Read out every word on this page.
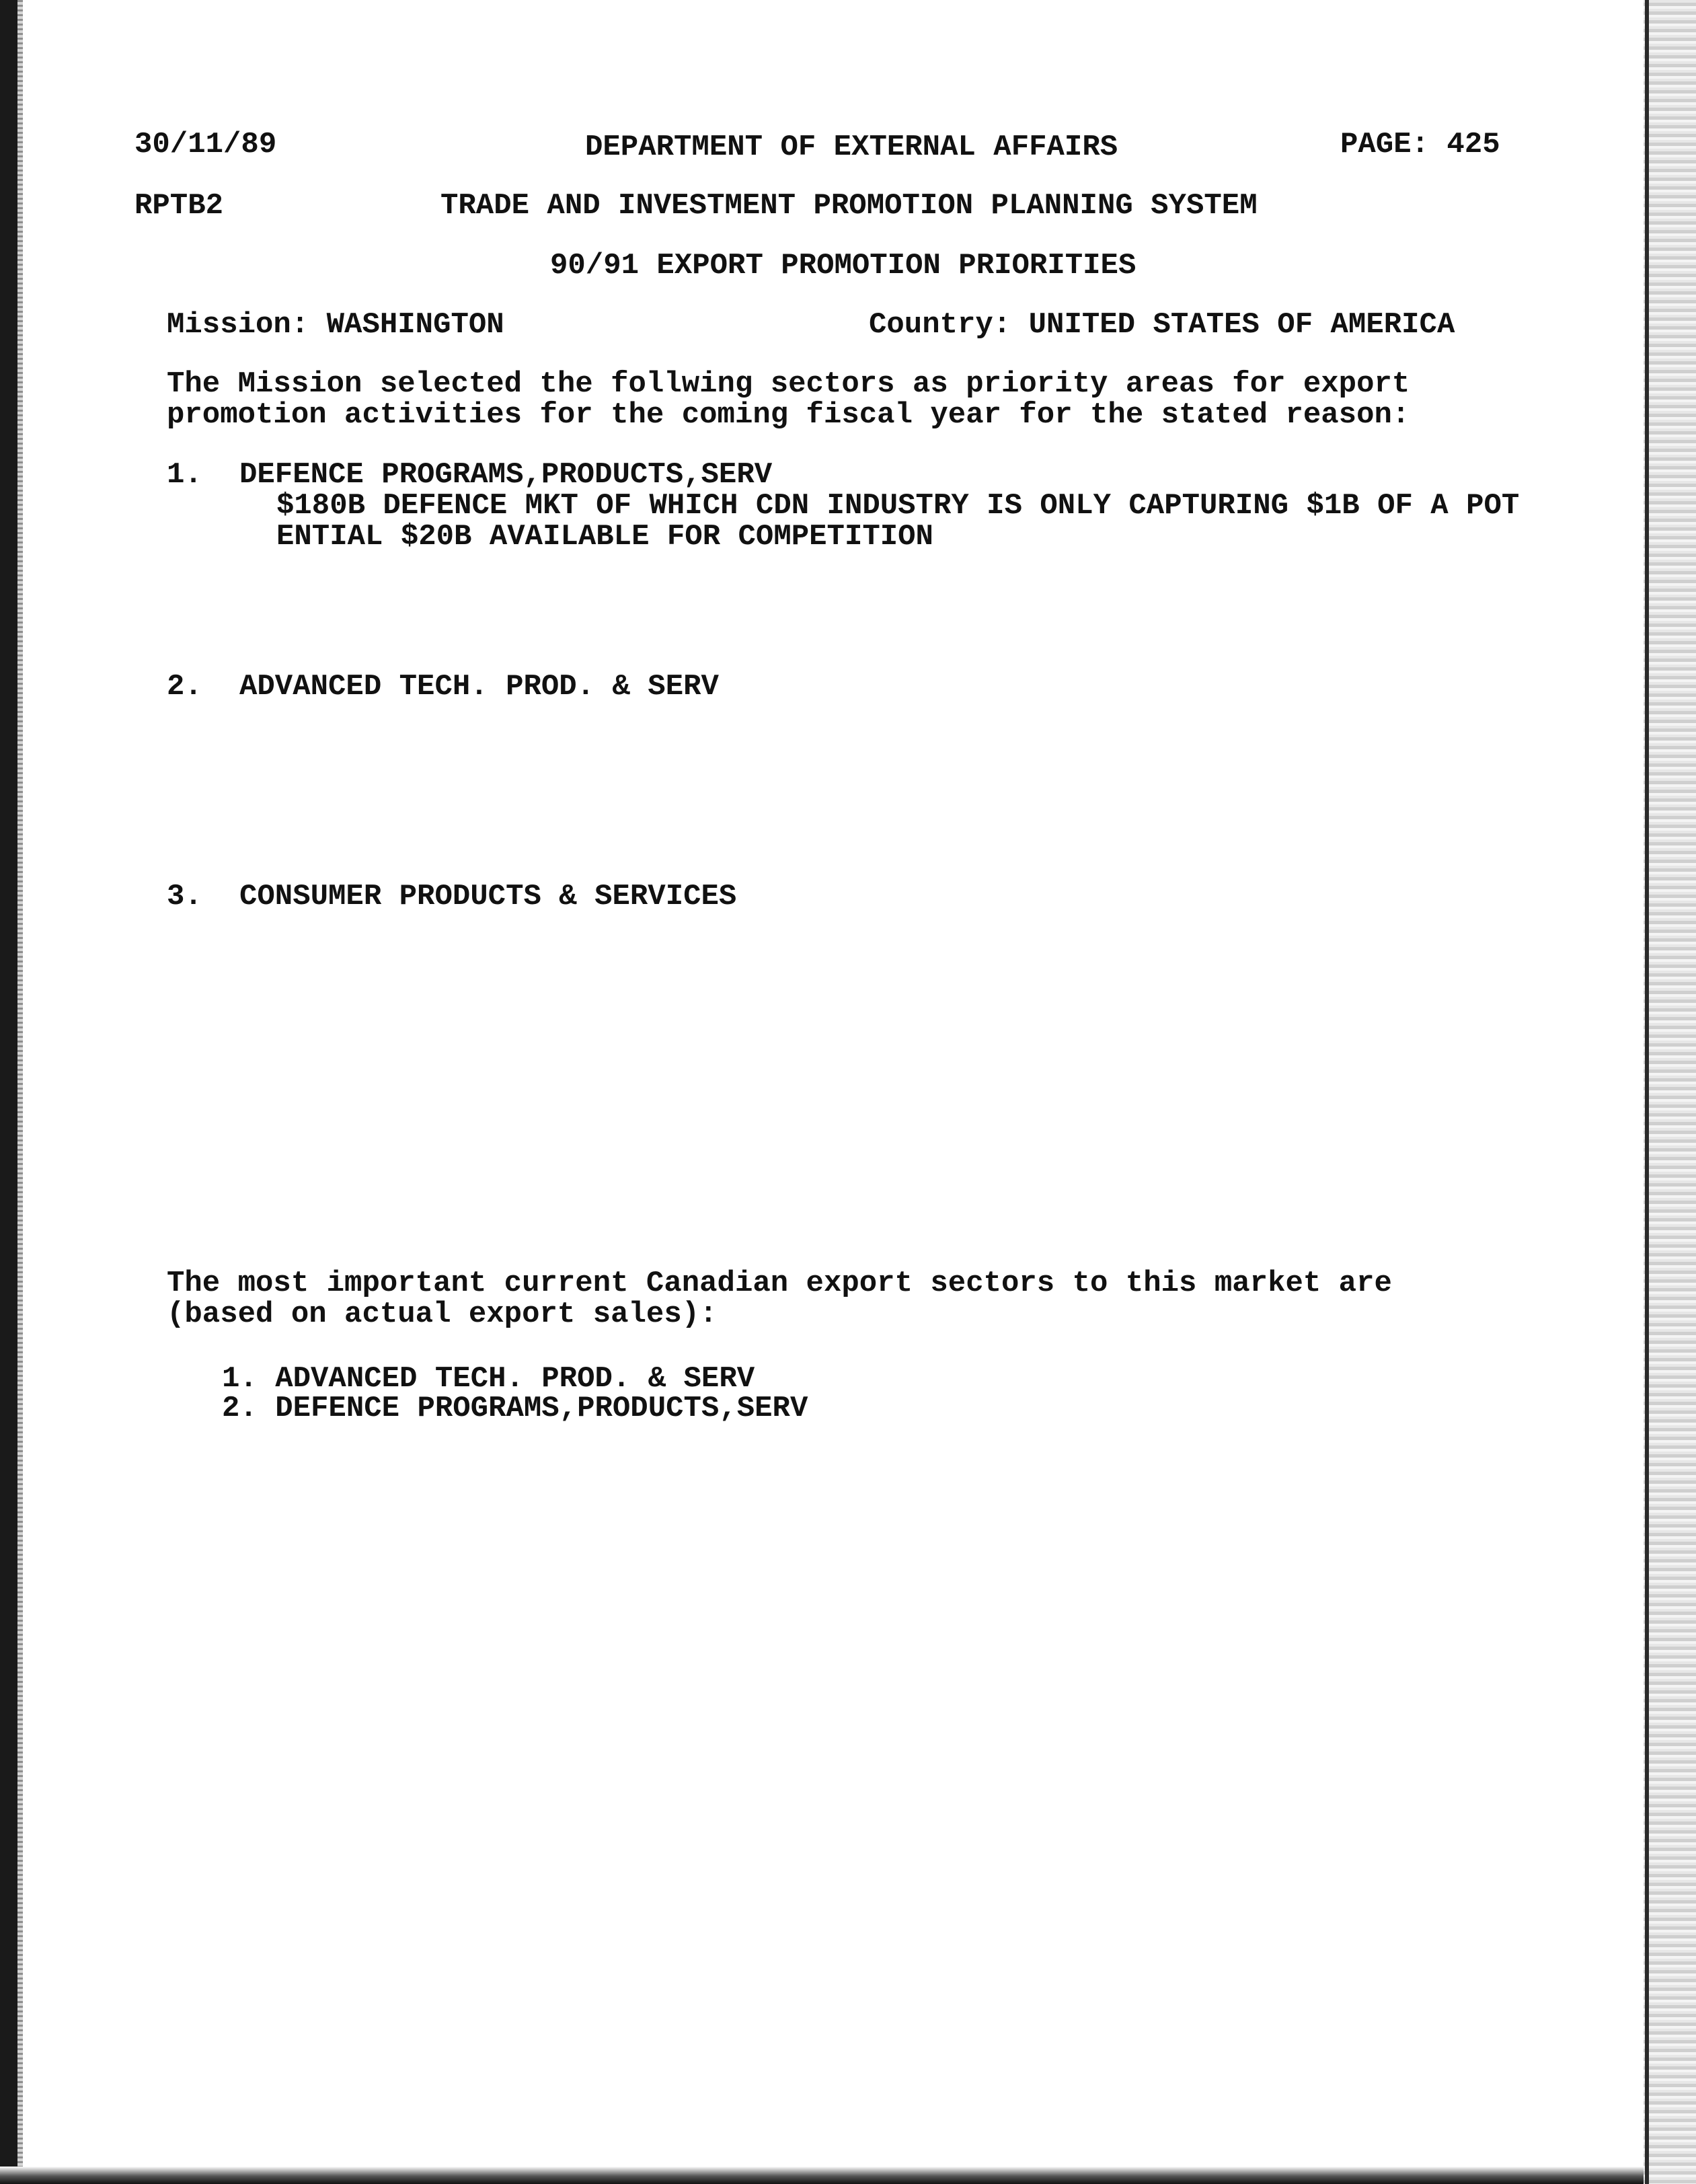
30/11/89	DEPARTMENT OF EXTERNAL AFFAIRS	PAGE: 425
RPTB2	TRADE AND INVESTMENT PROMOTION PLANNING SYSTEM
90/91 EXPORT PROMOTION PRIORITIES
Mission: WASHINGTON	Country: UNITED STATES OF AMERICA
The Mission selected the follwing sectors as priority areas for export
promotion activities for the coming fiscal year for the stated reason:
1. DEFENCE PROGRAMS,PRODUCTS,SERV
$180B DEFENCE MKT OF WHICH CDN INDUSTRY IS ONLY CAPTURING $1B OF A POT
ENTIAL $20B AVAILABLE FOR COMPETITION
2. ADVANCED TECH. PROD. & SERV
3. CONSUMER PRODUCTS & SERVICES
The most important current Canadian export sectors to this market are
(based on actual export sales):
1. ADVANCED TECH. PROD. & SERV
2. DEFENCE PROGRAMS,PRODUCTS,SERV
